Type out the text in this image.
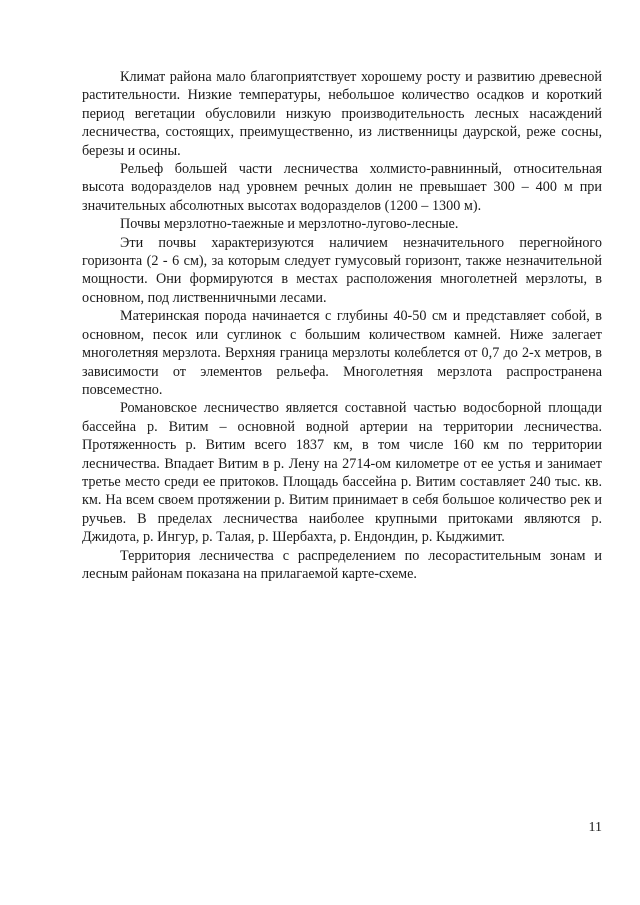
Климат района мало благоприятствует хорошему росту и развитию древесной растительности. Низкие температуры, небольшое количество осадков и короткий период вегетации обусловили низкую производительность лесных насаждений лесничества, состоящих, преимущественно, из лиственницы даурской, реже сосны, березы и осины.

Рельеф большей части лесничества холмисто-равнинный, относительная высота водоразделов над уровнем речных долин не превышает 300 – 400 м при значительных абсолютных высотах водоразделов (1200 – 1300 м).

Почвы мерзлотно-таежные и мерзлотно-лугово-лесные.

Эти почвы характеризуются наличием незначительного перегнойного горизонта (2 - 6 см), за которым следует гумусовый горизонт, также незначительной мощности. Они формируются в местах расположения многолетней мерзлоты, в основном, под лиственничными лесами.

Материнская порода начинается с глубины 40-50 см и представляет собой, в основном, песок или суглинок с большим количеством камней. Ниже залегает многолетняя мерзлота. Верхняя граница мерзлоты колеблется от 0,7 до 2-х метров, в зависимости от элементов рельефа. Многолетняя мерзлота распространена повсеместно.

Романовское лесничество является составной частью водосборной площади бассейна р. Витим – основной водной артерии на территории лесничества. Протяженность р. Витим всего 1837 км, в том числе 160 км по территории лесничества. Впадает Витим в р. Лену на 2714-ом километре от ее устья и занимает третье место среди ее притоков. Площадь бассейна р. Витим составляет 240 тыс. кв. км. На всем своем протяжении р. Витим принимает в себя большое количество рек и ручьев. В пределах лесничества наиболее крупными притоками являются р. Джидота, р. Ингур, р. Талая, р. Шербахта, р. Ендондин, р. Кыджимит.

Территория лесничества с распределением по лесорастительным зонам и лесным районам показана на прилагаемой карте-схеме.

11
